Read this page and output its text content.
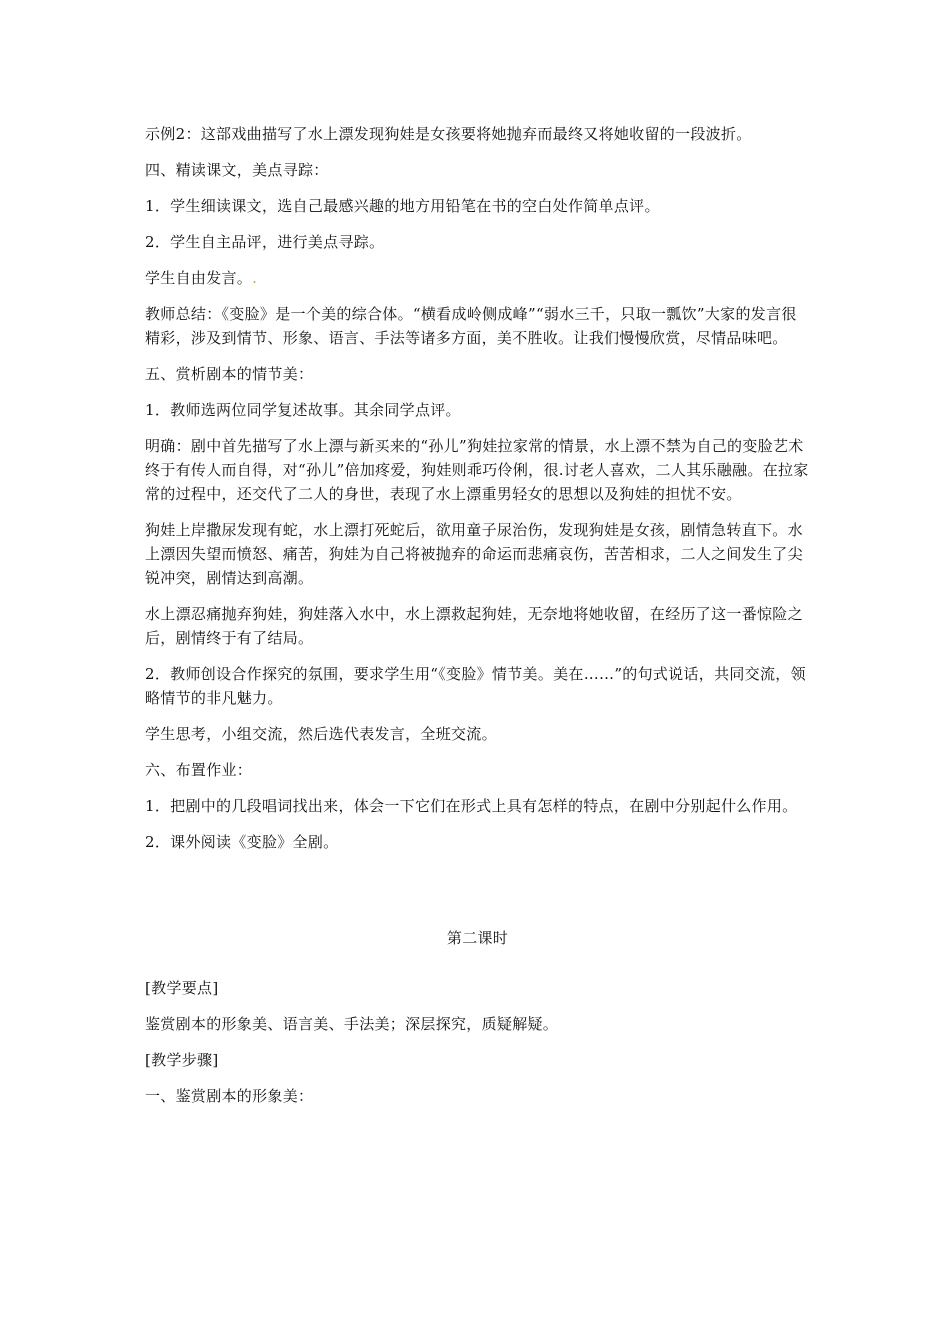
示例2：这部戏曲描写了水上漂发现狗娃是女孩要将她抛弃而最终又将她收留的一段波折。

四、精读课文，美点寻踪：

1．学生细读课文，选自己最感兴趣的地方用铅笔在书的空白处作简单点评。

2．学生自主品评，进行美点寻踪。

学生自由发言。.

教师总结：《变脸》是一个美的综合体。“横看成岭侧成峰”“弱水三千，只取一瓢饮”大家的发言很精彩，涉及到情节、形象、语言、手法等诸多方面，美不胜收。让我们慢慢欣赏，尽情品味吧。

五、赏析剧本的情节美：

1．教师选两位同学复述故事。其余同学点评。

明确：剧中首先描写了水上漂与新买来的“孙儿”狗娃拉家常的情景，水上漂不禁为自己的变脸艺术终于有传人而自得，对“孙儿”倍加疼爱，狗娃则乖巧伶俐，很.讨老人喜欢，二人其乐融融。在拉家常的过程中，还交代了二人的身世，表现了水上漂重男轻女的思想以及狗娃的担忧不安。

狗娃上岸撒尿发现有蛇，水上漂打死蛇后，欲用童子尿治伤，发现狗娃是女孩，剧情急转直下。水上漂因失望而愤怒、痛苦，狗娃为自己将被抛弃的命运而悲痛哀伤，苦苦相求，二人之间发生了尖锐冲突，剧情达到高潮。

水上漂忍痛抛弃狗娃，狗娃落入水中，水上漂救起狗娃，无奈地将她收留，在经历了这一番惊险之后，剧情终于有了结局。

2．教师创设合作探究的氛围，要求学生用“《变脸》情节美。美在……”的句式说话，共同交流，领略情节的非凡魅力。

学生思考，小组交流，然后选代表发言，全班交流。

六、布置作业：

1．把剧中的几段唱词找出来，体会一下它们在形式上具有怎样的特点，在剧中分别起什么作用。

2．课外阅读《变脸》全剧。

第二课时

[教学要点]

鉴赏剧本的形象美、语言美、手法美；深层探究，质疑解疑。

[教学步骤]

一、鉴赏剧本的形象美：
